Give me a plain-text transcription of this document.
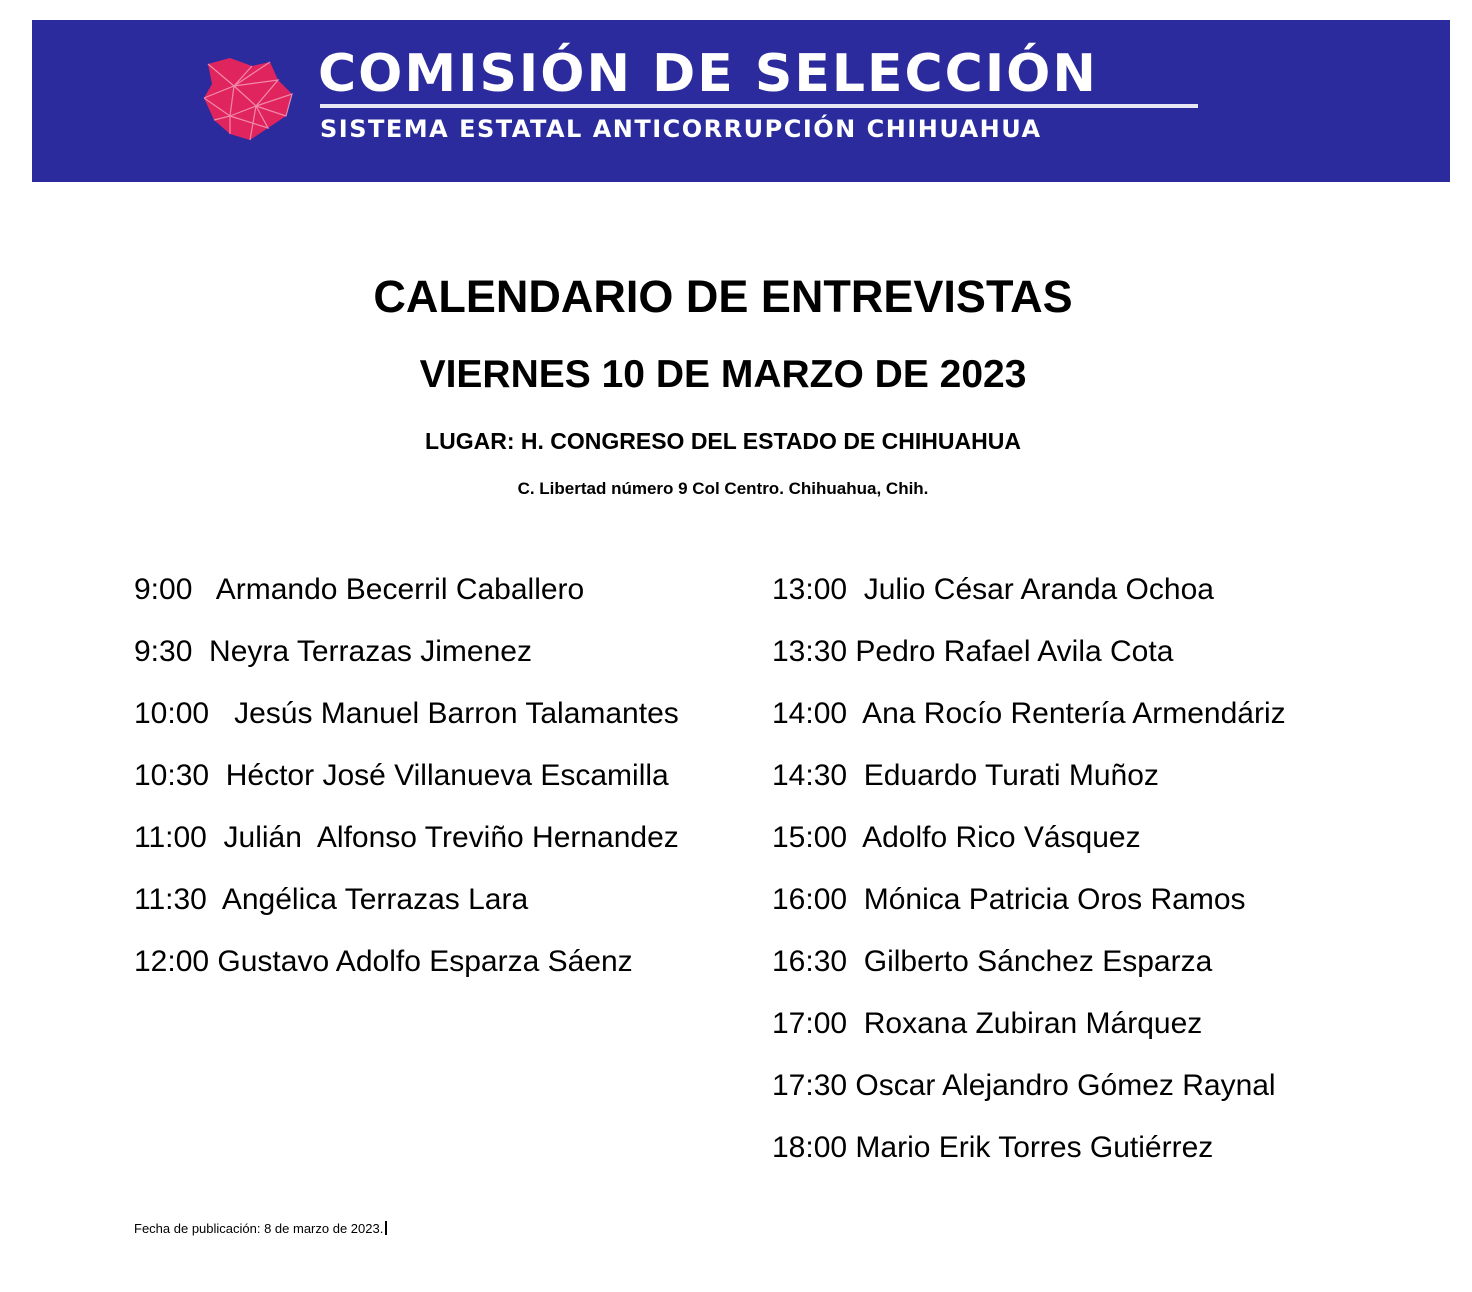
COMISIÓN DE SELECCIÓN
SISTEMA ESTATAL ANTICORRUPCIÓN CHIHUAHUA
CALENDARIO DE ENTREVISTAS
VIERNES 10 DE MARZO DE 2023
LUGAR: H. CONGRESO DEL ESTADO DE CHIHUAHUA
C. Libertad número 9 Col Centro. Chihuahua, Chih.
9:00   Armando Becerril Caballero
9:30  Neyra Terrazas Jimenez
10:00   Jesús Manuel Barron Talamantes
10:30  Héctor José Villanueva Escamilla
11:00  Julián  Alfonso Treviño Hernandez
11:30  Angélica Terrazas Lara
12:00 Gustavo Adolfo Esparza Sáenz
13:00  Julio César Aranda Ochoa
13:30 Pedro Rafael Avila Cota
14:00  Ana Rocío Rentería Armendáriz
14:30  Eduardo Turati Muñoz
15:00  Adolfo Rico Vásquez
16:00  Mónica Patricia Oros Ramos
16:30  Gilberto Sánchez Esparza
17:00  Roxana Zubiran Márquez
17:30 Oscar Alejandro Gómez Raynal
18:00 Mario Erik Torres Gutiérrez
Fecha de publicación: 8 de marzo de 2023.
